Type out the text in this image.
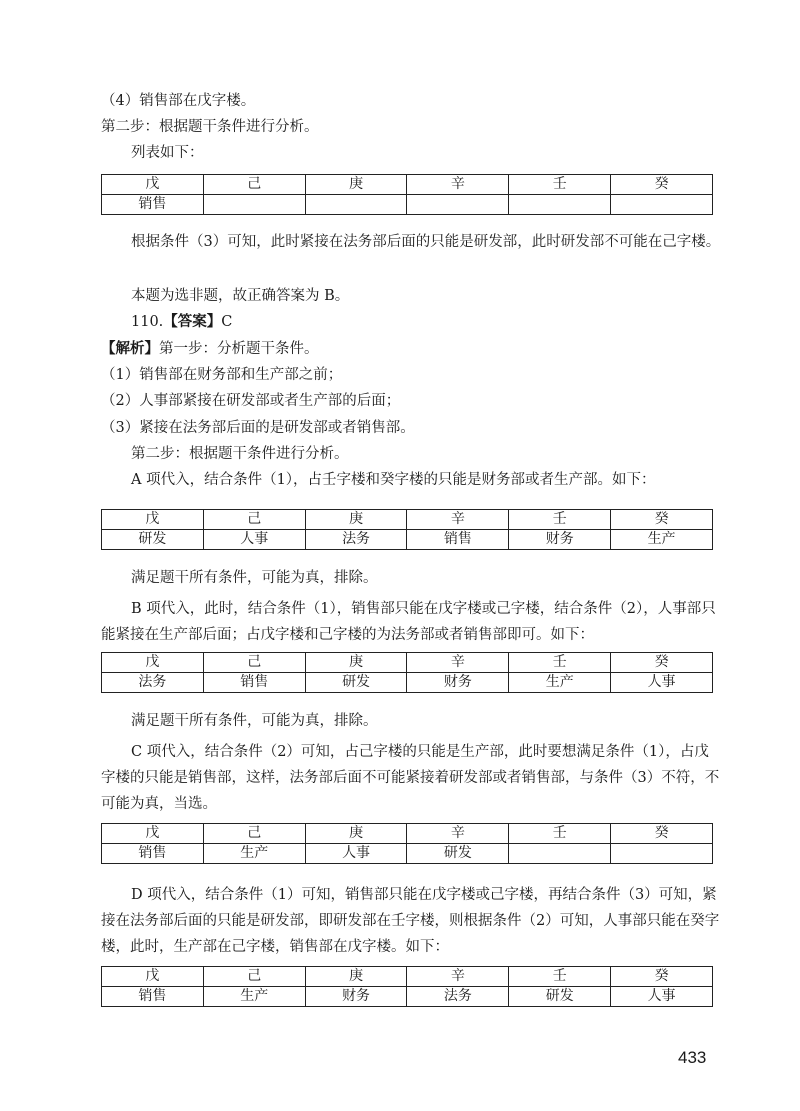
（4）销售部在戊字楼。

第二步：根据题干条件进行分析。

列表如下：

戊	己	庚	辛	壬	癸
销售					

根据条件（3）可知，此时紧接在法务部后面的只能是研发部，此时研发部不可能在己字楼。

本题为选非题，故正确答案为 B。

110.【答案】C

【解析】第一步：分析题干条件。

（1）销售部在财务部和生产部之前；

（2）人事部紧接在研发部或者生产部的后面；

（3）紧接在法务部后面的是研发部或者销售部。

第二步：根据题干条件进行分析。

A 项代入，结合条件（1），占壬字楼和癸字楼的只能是财务部或者生产部。如下：

戊	己	庚	辛	壬	癸
研发	人事	法务	销售	财务	生产

满足题干所有条件，可能为真，排除。

B 项代入，此时，结合条件（1），销售部只能在戊字楼或己字楼，结合条件（2），人事部只能紧接在生产部后面；占戊字楼和己字楼的为法务部或者销售部即可。如下：

戊	己	庚	辛	壬	癸
法务	销售	研发	财务	生产	人事

满足题干所有条件，可能为真，排除。

C 项代入，结合条件（2）可知，占己字楼的只能是生产部，此时要想满足条件（1），占戊字楼的只能是销售部，这样，法务部后面不可能紧接着研发部或者销售部，与条件（3）不符，不可能为真，当选。

戊	己	庚	辛	壬	癸
销售	生产	人事	研发		

D 项代入，结合条件（1）可知，销售部只能在戊字楼或己字楼，再结合条件（3）可知，紧接在法务部后面的只能是研发部，即研发部在壬字楼，则根据条件（2）可知，人事部只能在癸字楼，此时，生产部在己字楼，销售部在戊字楼。如下：

戊	己	庚	辛	壬	癸
销售	生产	财务	法务	研发	人事
433
